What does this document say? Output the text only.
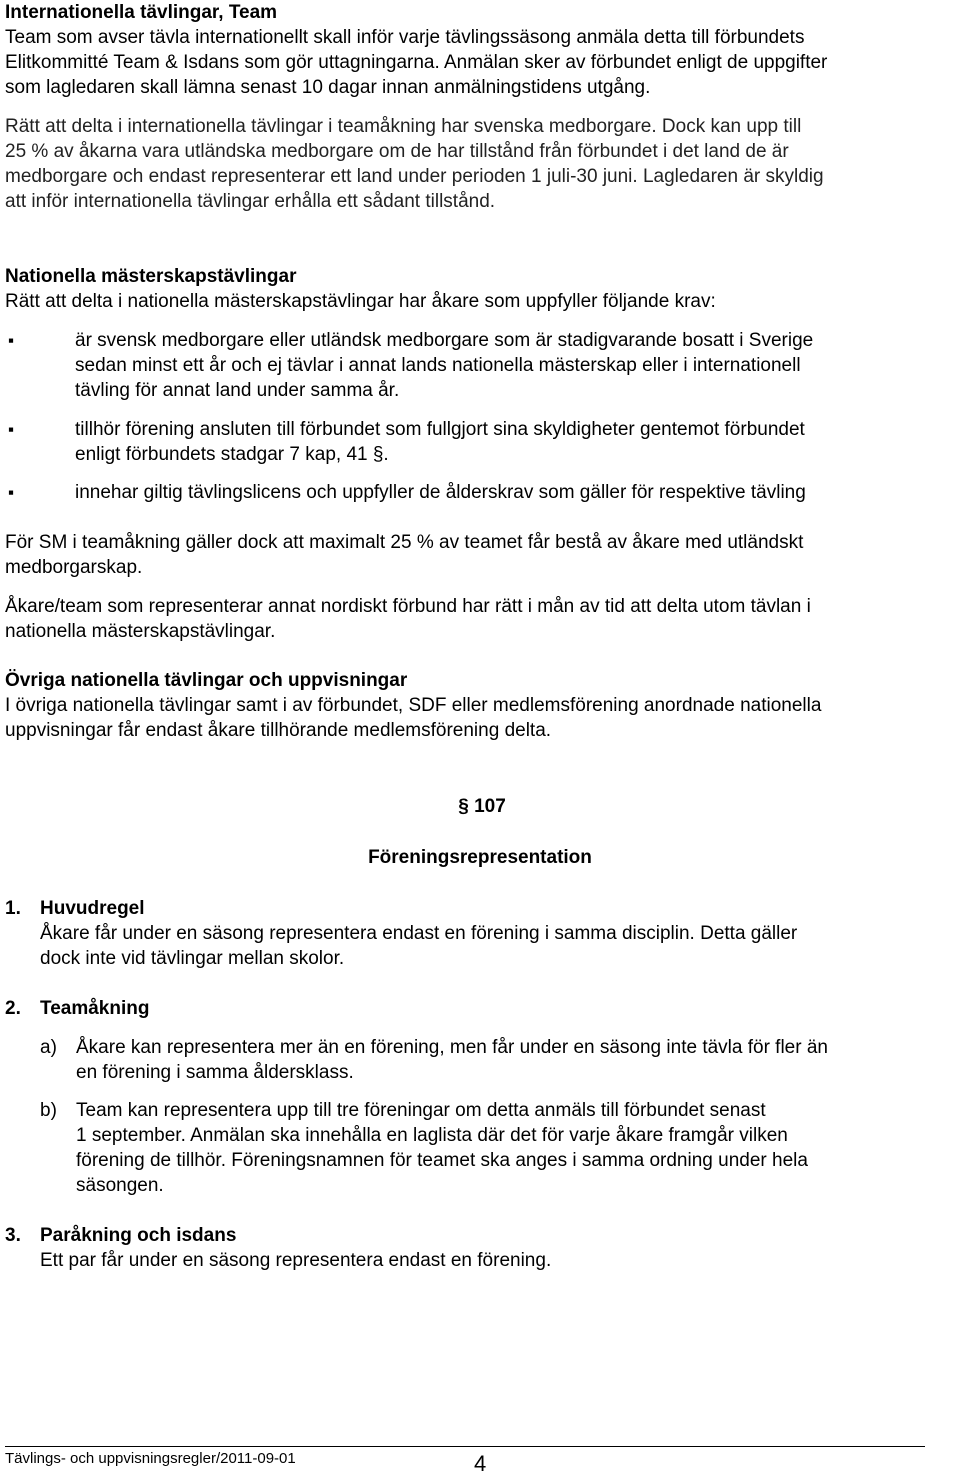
Internationella tävlingar, Team

Team som avser tävla internationellt skall inför varje tävlingssäsong anmäla detta till förbundets

Elitkommitté Team & Isdans som gör uttagningarna. Anmälan sker av förbundet enligt de uppgifter

som lagledaren skall lämna senast 10 dagar innan anmälningstidens utgång.

Rätt att delta i internationella tävlingar i teamåkning har svenska medborgare. Dock kan upp till

25 % av åkarna vara utländska medborgare om de har tillstånd från förbundet i det land de är

medborgare och endast representerar ett land under perioden 1 juli-30 juni. Lagledaren är skyldig

att inför internationella tävlingar erhålla ett sådant tillstånd.

Nationella mästerskapstävlingar

Rätt att delta i nationella mästerskapstävlingar har åkare som uppfyller följande krav:

▪	är svensk medborgare eller utländsk medborgare som är stadigvarande bosatt i Sverige
sedan minst ett år och ej tävlar i annat lands nationella mästerskap eller i internationell
tävling för annat land under samma år.
▪	tillhör förening ansluten till förbundet som fullgjort sina skyldigheter gentemot förbundet
enligt förbundets stadgar 7 kap, 41 §.
▪	innehar giltig tävlingslicens och uppfyller de ålderskrav som gäller för respektive tävling

För SM i teamåkning gäller dock att maximalt 25 % av teamet får bestå av åkare med utländskt

medborgarskap.

Åkare/team som representerar annat nordiskt förbund har rätt i mån av tid att delta utom tävlan i

nationella mästerskapstävlingar.

Övriga nationella tävlingar och uppvisningar

I övriga nationella tävlingar samt i av förbundet, SDF eller medlemsförening anordnade nationella

uppvisningar får endast åkare tillhörande medlemsförening delta.

§ 107
Föreningsrepresentation
1. Huvudregel

Åkare får under en säsong representera endast en förening i samma disciplin. Detta gäller

dock inte vid tävlingar mellan skolor.

2. Teamåkning

a) Åkare kan representera mer än en förening, men får under en säsong inte tävla för fler än

en förening i samma åldersklass.

b) Team kan representera upp till tre föreningar om detta anmäls till förbundet senast

1 september. Anmälan ska innehålla en laglista där det för varje åkare framgår vilken

förening de tillhör. Föreningsnamnen för teamet ska anges i samma ordning under hela

säsongen.

3. Paråkning och isdans

Ett par får under en säsong representera endast en förening.

Tävlings- och uppvisningsregler/2011-09-01	4
